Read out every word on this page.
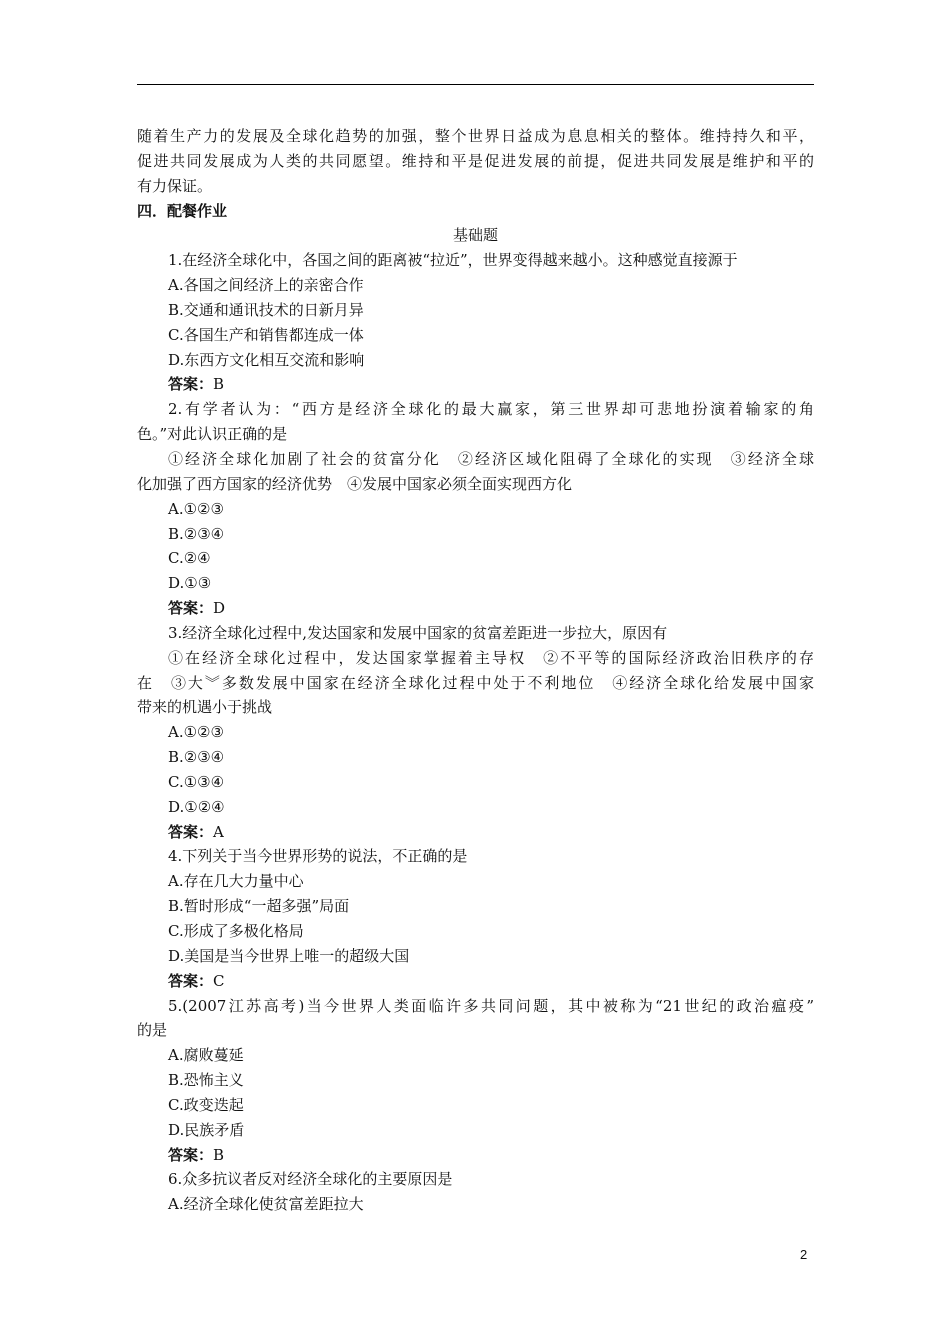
随着生产力的发展及全球化趋势的加强，整个世界日益成为息息相关的整体。维持持久和平，
促进共同发展成为人类的共同愿望。维持和平是促进发展的前提，促进共同发展是维护和平的
有力保证。
四．配餐作业
基础题
1.在经济全球化中，各国之间的距离被“拉近”，世界变得越来越小。这种感觉直接源于
A.各国之间经济上的亲密合作
B.交通和通讯技术的日新月异
C.各国生产和销售都连成一体
D.东西方文化相互交流和影响
答案：B
2.有学者认为：“西方是经济全球化的最大赢家，第三世界却可悲地扮演着输家的角
色。”对此认识正确的是
①经济全球化加剧了社会的贫富分化　②经济区域化阻碍了全球化的实现　③经济全球
化加强了西方国家的经济优势　④发展中国家必须全面实现西方化
A.①②③
B.②③④
C.②④
D.①③
答案：D
3.经济全球化过程中,发达国家和发展中国家的贫富差距进一步拉大，原因有
①在经济全球化过程中，发达国家掌握着主导权　②不平等的国际经济政治旧秩序的存
在　③大︾多数发展中国家在经济全球化过程中处于不利地位　④经济全球化给发展中国家
带来的机遇小于挑战
A.①②③
B.②③④
C.①③④
D.①②④
答案：A
4.下列关于当今世界形势的说法，不正确的是
A.存在几大力量中心
B.暂时形成“一超多强”局面
C.形成了多极化格局
D.美国是当今世界上唯一的超级大国
答案：C
5.(2007江苏高考)当今世界人类面临许多共同问题，其中被称为“21世纪的政治瘟疫”
的是
A.腐败蔓延
B.恐怖主义
C.政变迭起
D.民族矛盾
答案：B
6.众多抗议者反对经济全球化的主要原因是
A.经济全球化使贫富差距拉大
2
